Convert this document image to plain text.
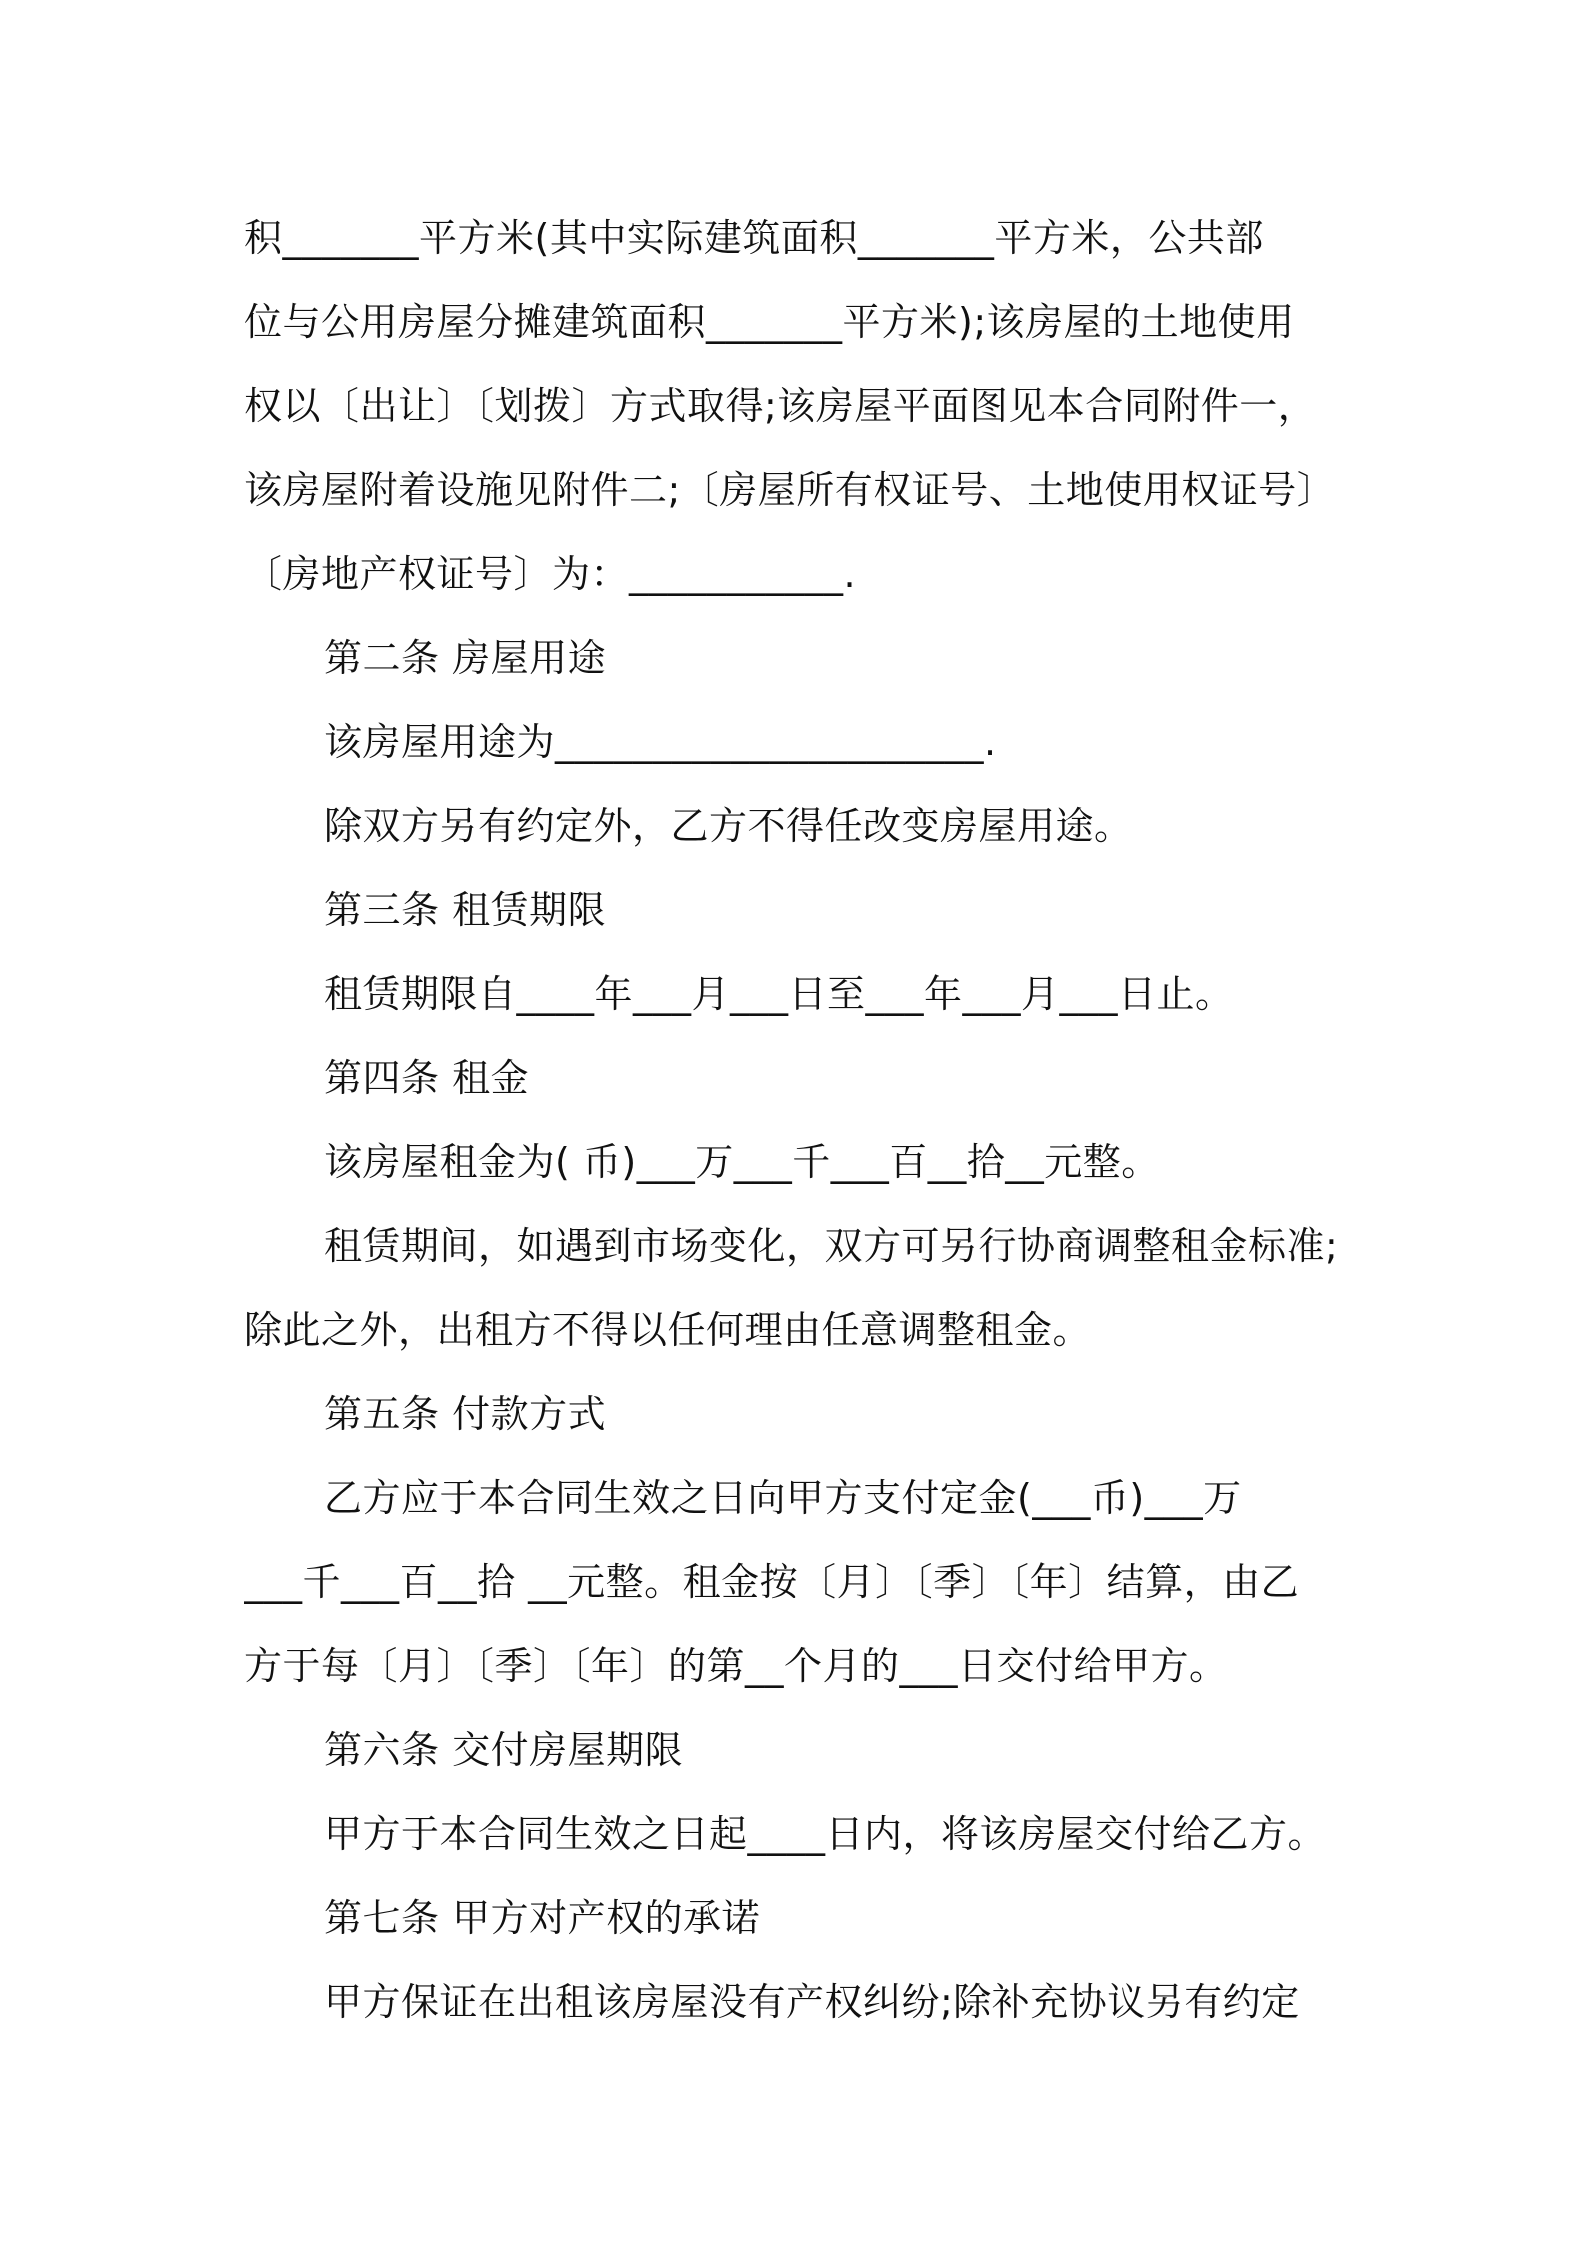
积_______平方米(其中实际建筑面积_______平方米，公共部
位与公用房屋分摊建筑面积_______平方米);该房屋的土地使用
权以〔出让〕〔划拨〕方式取得;该房屋平面图见本合同附件一，
该房屋附着设施见附件二;〔房屋所有权证号、土地使用权证号〕
〔房地产权证号〕为：___________.
第二条 房屋用途
该房屋用途为______________________.
除双方另有约定外，乙方不得任改变房屋用途。
第三条 租赁期限
租赁期限自____年___月___日至___年___月___日止。
第四条 租金
该房屋租金为( 币)___万___千___百__拾__元整。
租赁期间，如遇到市场变化，双方可另行协商调整租金标准;
除此之外，出租方不得以任何理由任意调整租金。
第五条 付款方式
乙方应于本合同生效之日向甲方支付定金(___币)___万
___千___百__拾 __元整。租金按〔月〕〔季〕〔年〕结算，由乙
方于每〔月〕〔季〕〔年〕的第__个月的___日交付给甲方。
第六条 交付房屋期限
甲方于本合同生效之日起____日内，将该房屋交付给乙方。
第七条 甲方对产权的承诺
甲方保证在出租该房屋没有产权纠纷;除补充协议另有约定
